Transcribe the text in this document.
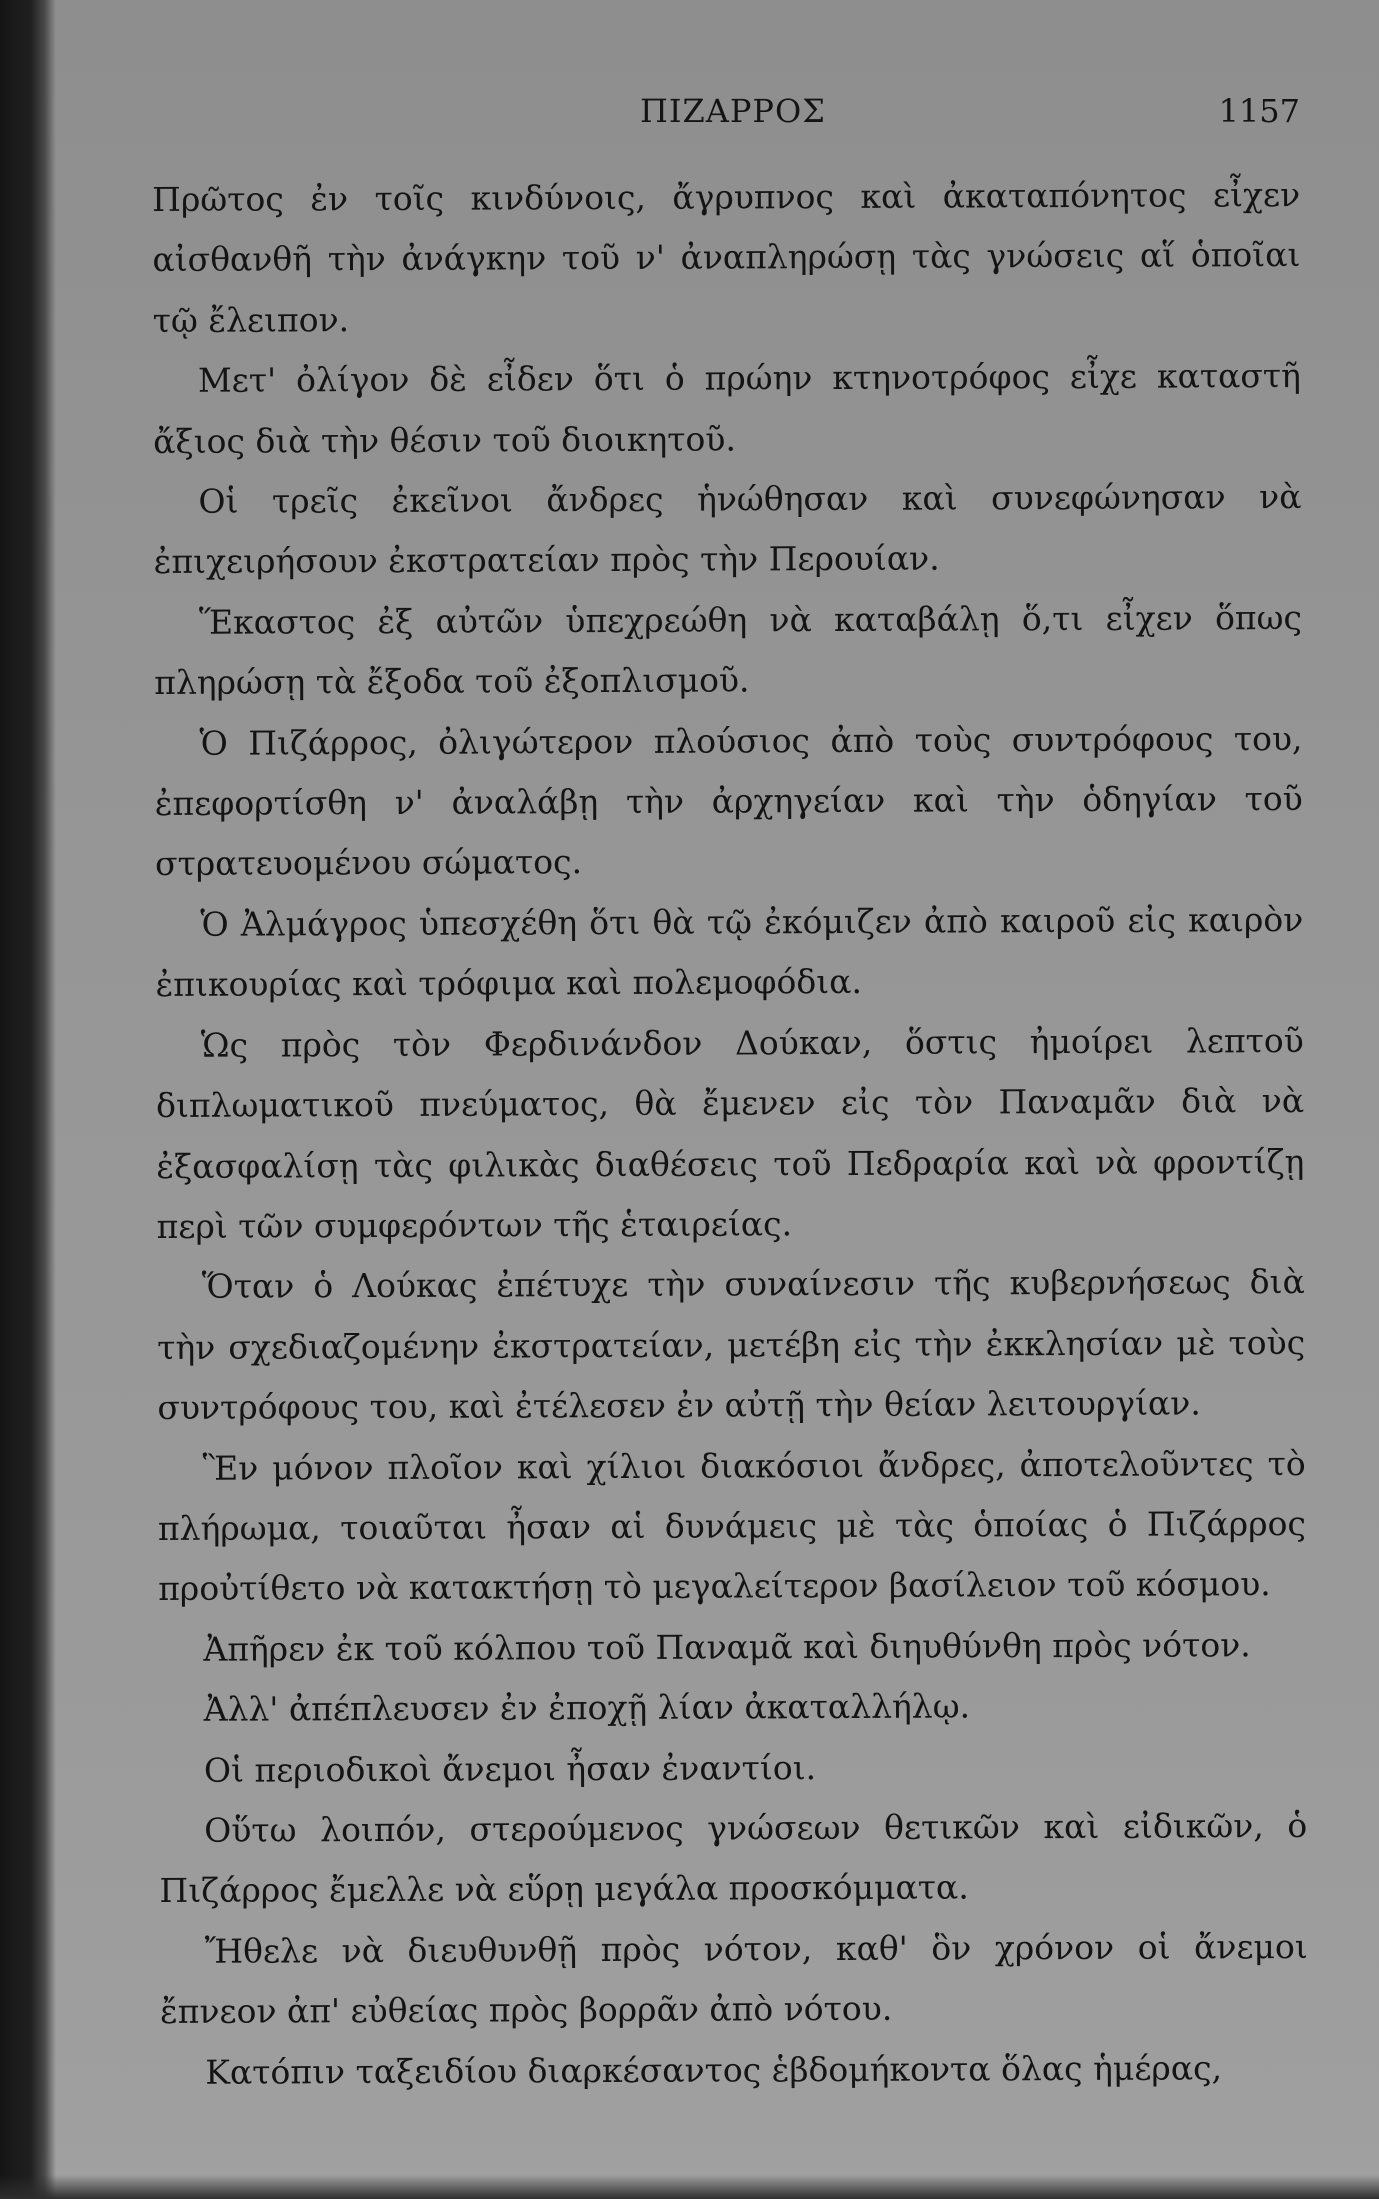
ΠΙΖΑΡΡΟΣ	1157

Πρῶτος ἐν τοῖς κινδύνοις, ἄγρυπνος καὶ ἀκαταπόνητος εἶχεν αἰσθανθῆ τὴν ἀνάγκην τοῦ ν' ἀναπληρώσῃ τὰς γνώσεις αἵ ὁποῖαι τῷ ἔλειπον.

Μετ' ὀλίγον δὲ εἶδεν ὅτι ὁ πρώην κτηνοτρόφος εἶχε καταστῆ ἄξιος διὰ τὴν θέσιν τοῦ διοικητοῦ.

Οἱ τρεῖς ἐκεῖνοι ἄνδρες ἡνώθησαν καὶ συνεφώνησαν νὰ ἐπιχειρήσουν ἐκστρατείαν πρὸς τὴν Περουίαν.

Ἕκαστος ἐξ αὐτῶν ὑπεχρεώθη νὰ καταβάλῃ ὅ,τι εἶχεν ὅπως πληρώσῃ τὰ ἔξοδα τοῦ ἐξοπλισμοῦ.

Ὁ Πιζάρρος, ὀλιγώτερον πλούσιος ἀπὸ τοὺς συντρόφους του, ἐπεφορτίσθη ν' ἀναλάβῃ τὴν ἀρχηγείαν καὶ τὴν ὁδηγίαν τοῦ στρατευομένου σώματος.

Ὁ Ἀλμάγρος ὑπεσχέθη ὅτι θὰ τῷ ἐκόμιζεν ἀπὸ καιροῦ εἰς καιρὸν ἐπικουρίας καὶ τρόφιμα καὶ πολεμοφόδια.

Ὡς πρὸς τὸν Φερδινάνδον Δούκαν, ὅστις ἠμοίρει λεπτοῦ διπλωματικοῦ πνεύματος, θὰ ἔμενεν εἰς τὸν Παναμᾶν διὰ νὰ ἐξασφαλίσῃ τὰς φιλικὰς διαθέσεις τοῦ Πεδραρία καὶ νὰ φροντίζῃ περὶ τῶν συμφερόντων τῆς ἑταιρείας.

Ὅταν ὁ Λούκας ἐπέτυχε τὴν συναίνεσιν τῆς κυβερνήσεως διὰ τὴν σχεδιαζομένην ἐκστρατείαν, μετέβη εἰς τὴν ἐκκλησίαν μὲ τοὺς συντρόφους του, καὶ ἐτέλεσεν ἐν αὐτῇ τὴν θείαν λειτουργίαν.

Ἓν μόνον πλοῖον καὶ χίλιοι διακόσιοι ἄνδρες, ἀποτελοῦντες τὸ πλήρωμα, τοιαῦται ἦσαν αἱ δυνάμεις μὲ τὰς ὁποίας ὁ Πιζάρρος προὐτίθετο νὰ κατακτήσῃ τὸ μεγαλείτερον βασίλειον τοῦ κόσμου.

Ἀπῆρεν ἐκ τοῦ κόλπου τοῦ Παναμᾶ καὶ διηυθύνθη πρὸς νότον.

Ἀλλ' ἀπέπλευσεν ἐν ἐποχῇ λίαν ἀκαταλλήλῳ.

Οἱ περιοδικοὶ ἄνεμοι ἦσαν ἐναντίοι.

Οὕτω λοιπόν, στερούμενος γνώσεων θετικῶν καὶ εἰδικῶν, ὁ Πιζάρρος ἔμελλε νὰ εὕρῃ μεγάλα προσκόμματα.

Ἤθελε νὰ διευθυνθῇ πρὸς νότον, καθ' ὃν χρόνον οἱ ἄνεμοι ἔπνεον ἀπ' εὐθείας πρὸς βορρᾶν ἀπὸ νότου.

Κατόπιν ταξειδίου διαρκέσαντος ἑβδομήκοντα ὅλας ἡμέρας,
